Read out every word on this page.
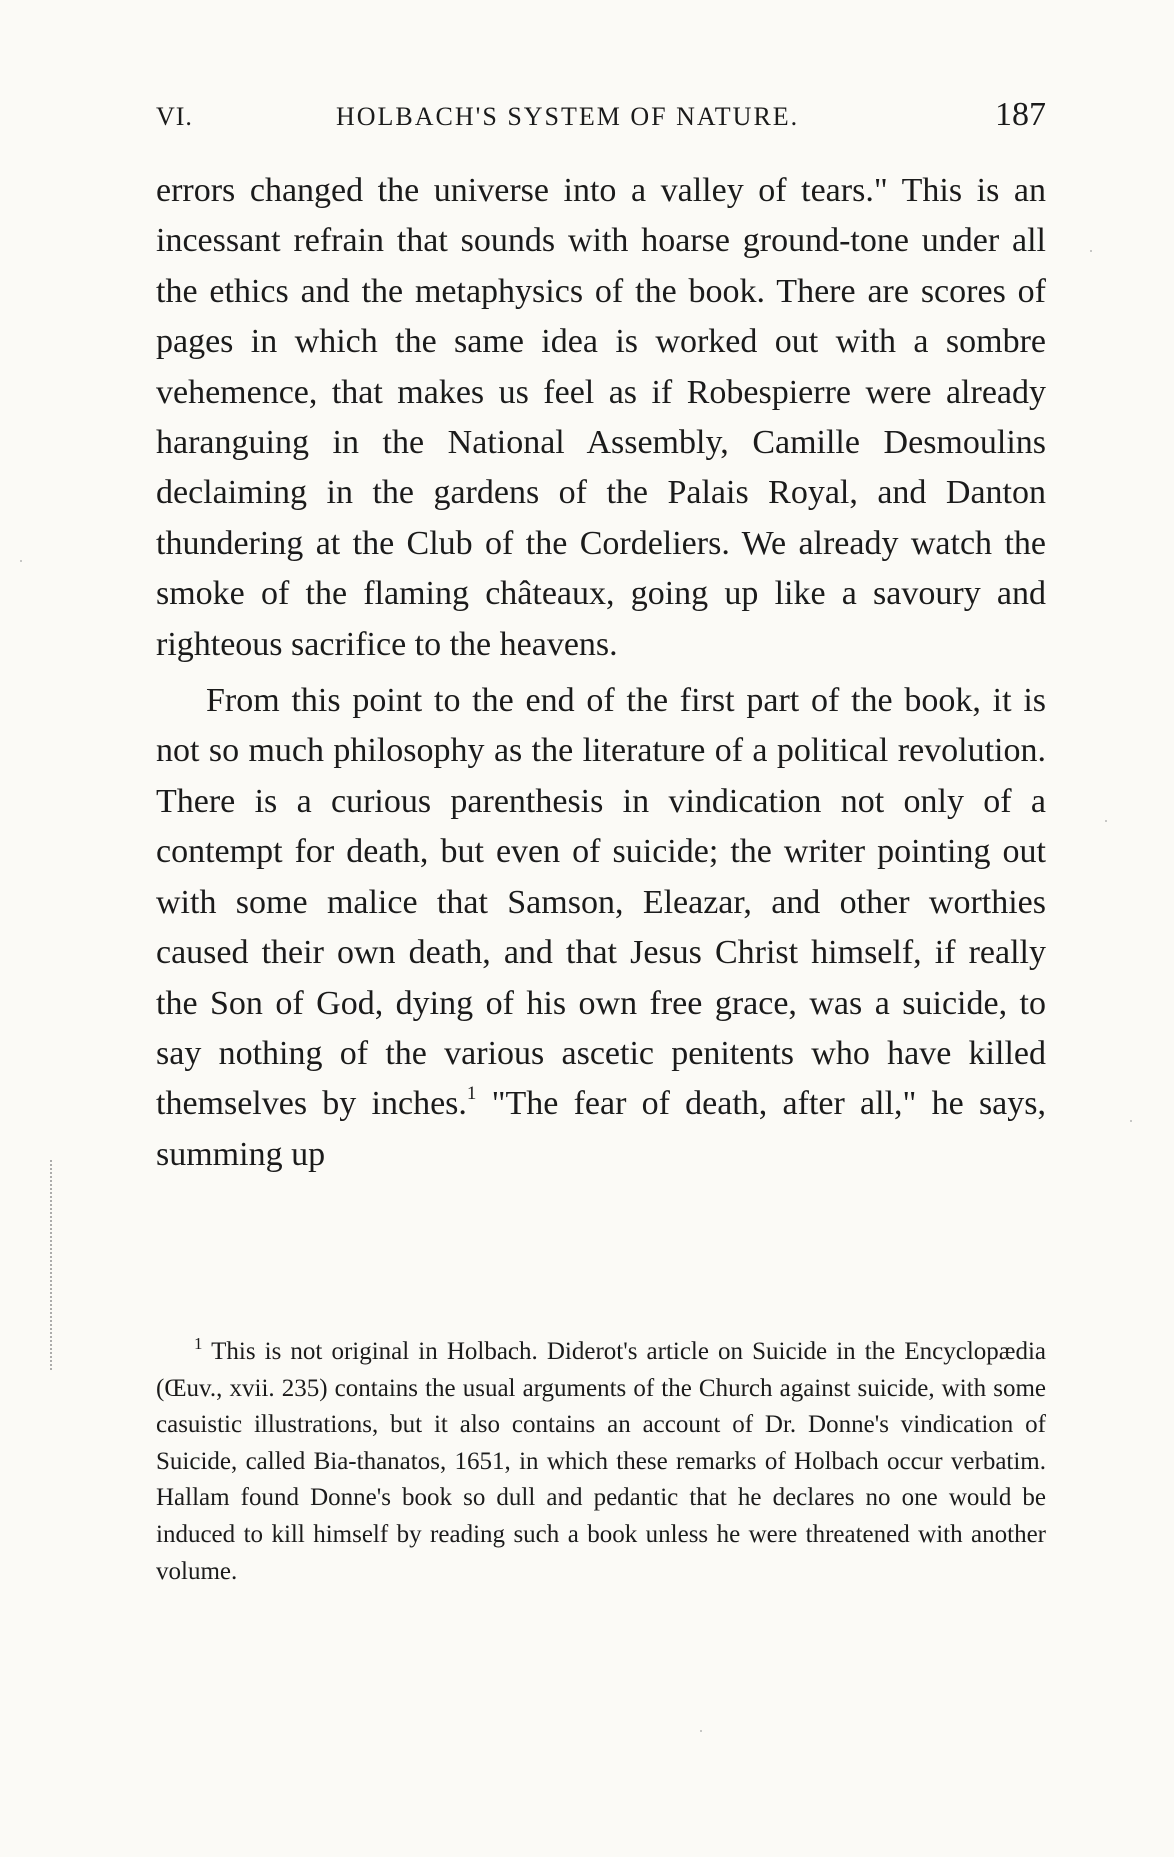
VI.	HOLBACH'S SYSTEM OF NATURE.	187

errors changed the universe into a valley of tears." This is an incessant refrain that sounds with hoarse ground-tone under all the ethics and the metaphysics of the book. There are scores of pages in which the same idea is worked out with a sombre vehemence, that makes us feel as if Robespierre were already haranguing in the National Assembly, Camille Desmoulins declaiming in the gardens of the Palais Royal, and Danton thundering at the Club of the Cordeliers. We already watch the smoke of the flaming châteaux, going up like a savoury and righteous sacrifice to the heavens.

From this point to the end of the first part of the book, it is not so much philosophy as the literature of a political revolution. There is a curious parenthesis in vindication not only of a contempt for death, but even of suicide; the writer pointing out with some malice that Samson, Eleazar, and other worthies caused their own death, and that Jesus Christ himself, if really the Son of God, dying of his own free grace, was a suicide, to say nothing of the various ascetic penitents who have killed themselves by inches.$^1$ "The fear of death, after all," he says, summing up

$^1$ This is not original in Holbach. Diderot's article on Suicide in the Encyclopædia (Œuv., xvii. 235) contains the usual arguments of the Church against suicide, with some casuistic illustrations, but it also contains an account of Dr. Donne's vindication of Suicide, called Bia-thanatos, 1651, in which these remarks of Holbach occur verbatim. Hallam found Donne's book so dull and pedantic that he declares no one would be induced to kill himself by reading such a book unless he were threatened with another volume.
